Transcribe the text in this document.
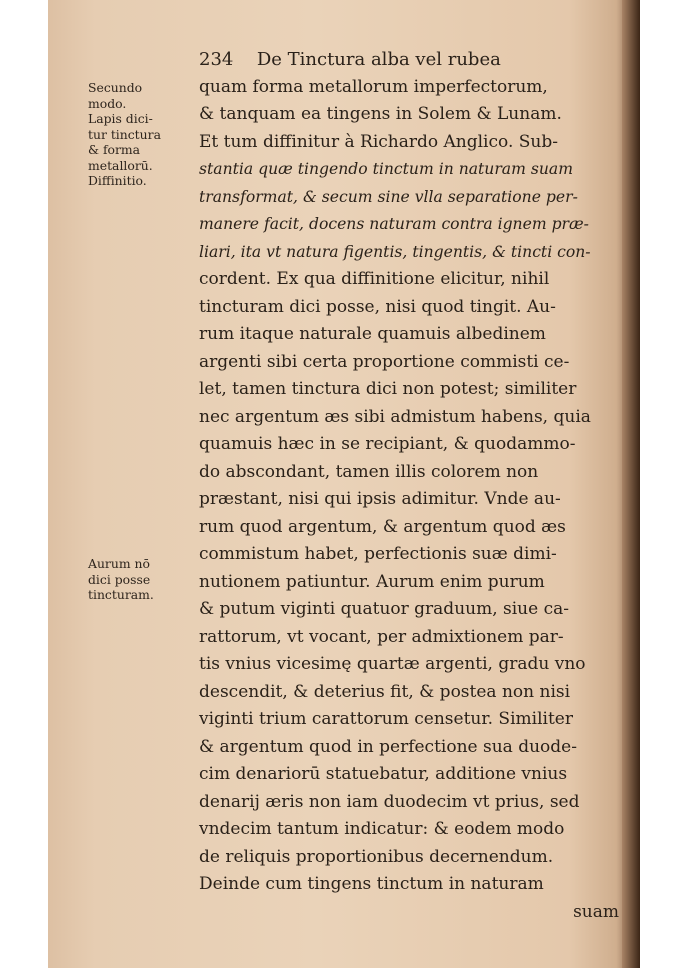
234 De Tinctura alba vel rubea
quam forma metallorum imperfectorum,
& tanquam ea tingens in Solem & Lunam.
Et tum diffinitur à Richardo Anglico. Sub-
stantia quæ tingendo tinctum in naturam suam
transformat, & secum sine vlla separatione per-
manere facit, docens naturam contra ignem præ-
liari, ita vt natura figentis, tingentis, & tincti con-
cordent. Ex qua diffinitione elicitur, nihil
tincturam dici posse, nisi quod tingit. Au-
rum itaque naturale quamuis albedinem
argenti sibi certa proportione commisti ce-
let, tamen tinctura dici non potest; similiter
nec argentum æs sibi admistum habens, quia
quamuis hæc in se recipiant, & quodammo-
do abscondant, tamen illis colorem non
præstant, nisi qui ipsis adimitur. Vnde au-
rum quod argentum, & argentum quod æs
commistum habet, perfectionis suæ dimi-
nutionem patiuntur. Aurum enim purum
& putum viginti quatuor graduum, siue ca-
rattorum, vt vocant, per admixtionem par-
tis vnius vicesimę quartæ argenti, gradu vno
descendit, & deterius fit, & postea non nisi
viginti trium carattorum censetur. Similiter
& argentum quod in perfectione sua duode-
cim denariorū statuebatur, additione vnius
denarij æris non iam duodecim vt prius, sed
vndecim tantum indicatur: & eodem modo
de reliquis proportionibus decernendum.
Deinde cum tingens tinctum in naturam
suam
Secundo
modo.
Lapis dici-
tur tinctura
& forma
metallorū.
Diffinitio.
Aurum nō
dici posse
tincturam.
